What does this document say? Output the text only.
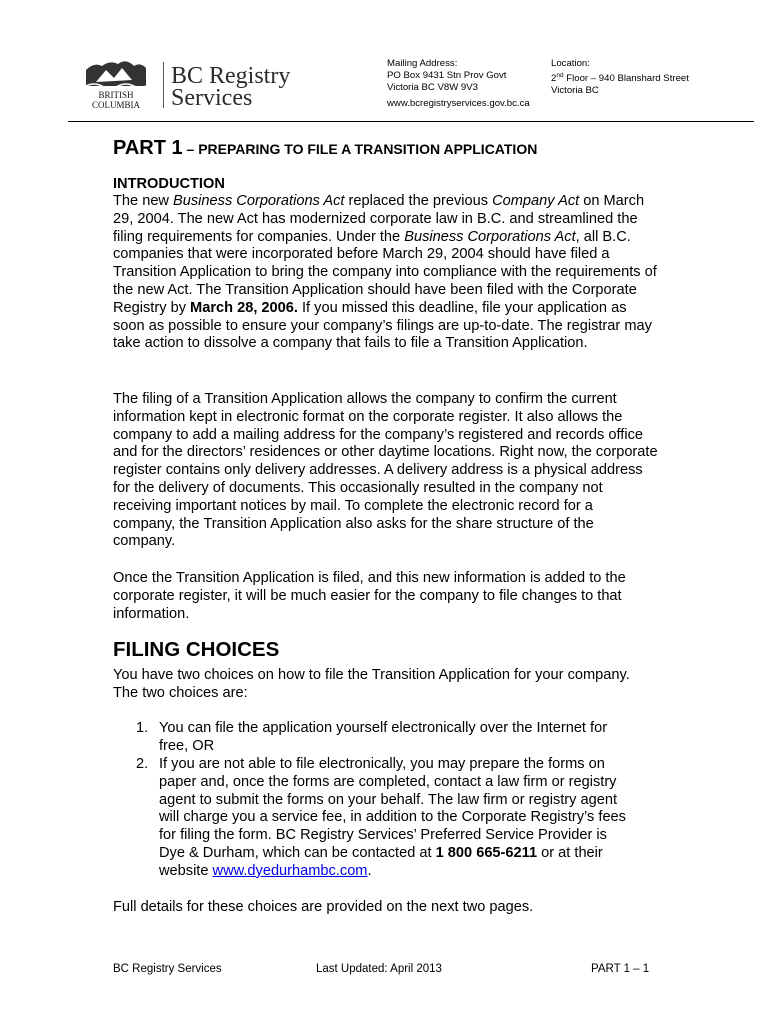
BRITISH
COLUMBIA
BC Registry
Services
Mailing Address:
PO Box 9431 Stn Prov Govt
Victoria BC V8W 9V3
Location:
2nd Floor – 940 Blanshard Street
Victoria BC
www.bcregistryservices.gov.bc.ca
PART 1 – PREPARING TO FILE A TRANSITION APPLICATION
INTRODUCTION
The new Business Corporations Act replaced the previous Company Act on March 29, 2004. The new Act has modernized corporate law in B.C. and streamlined the filing requirements for companies. Under the Business Corporations Act, all B.C. companies that were incorporated before March 29, 2004 should have filed a Transition Application to bring the company into compliance with the requirements of the new Act. The Transition Application should have been filed with the Corporate Registry by March 28, 2006. If you missed this deadline, file your application as soon as possible to ensure your company’s filings are up-to-date. The registrar may take action to dissolve a company that fails to file a Transition Application.
The filing of a Transition Application allows the company to confirm the current information kept in electronic format on the corporate register. It also allows the company to add a mailing address for the company’s registered and records office and for the directors’ residences or other daytime locations. Right now, the corporate register contains only delivery addresses. A delivery address is a physical address for the delivery of documents. This occasionally resulted in the company not receiving important notices by mail. To complete the electronic record for a company, the Transition Application also asks for the share structure of the company.
Once the Transition Application is filed, and this new information is added to the corporate register, it will be much easier for the company to file changes to that information.
FILING CHOICES
You have two choices on how to file the Transition Application for your company. The two choices are:
1. You can file the application yourself electronically over the Internet for free, OR
2. If you are not able to file electronically, you may prepare the forms on paper and, once the forms are completed, contact a law firm or registry agent to submit the forms on your behalf. The law firm or registry agent will charge you a service fee, in addition to the Corporate Registry’s fees for filing the form. BC Registry Services’ Preferred Service Provider is Dye & Durham, which can be contacted at 1 800 665-6211 or at their website www.dyedurhambc.com.
Full details for these choices are provided on the next two pages.
BC Registry Services	Last Updated: April 2013	PART 1 – 1
